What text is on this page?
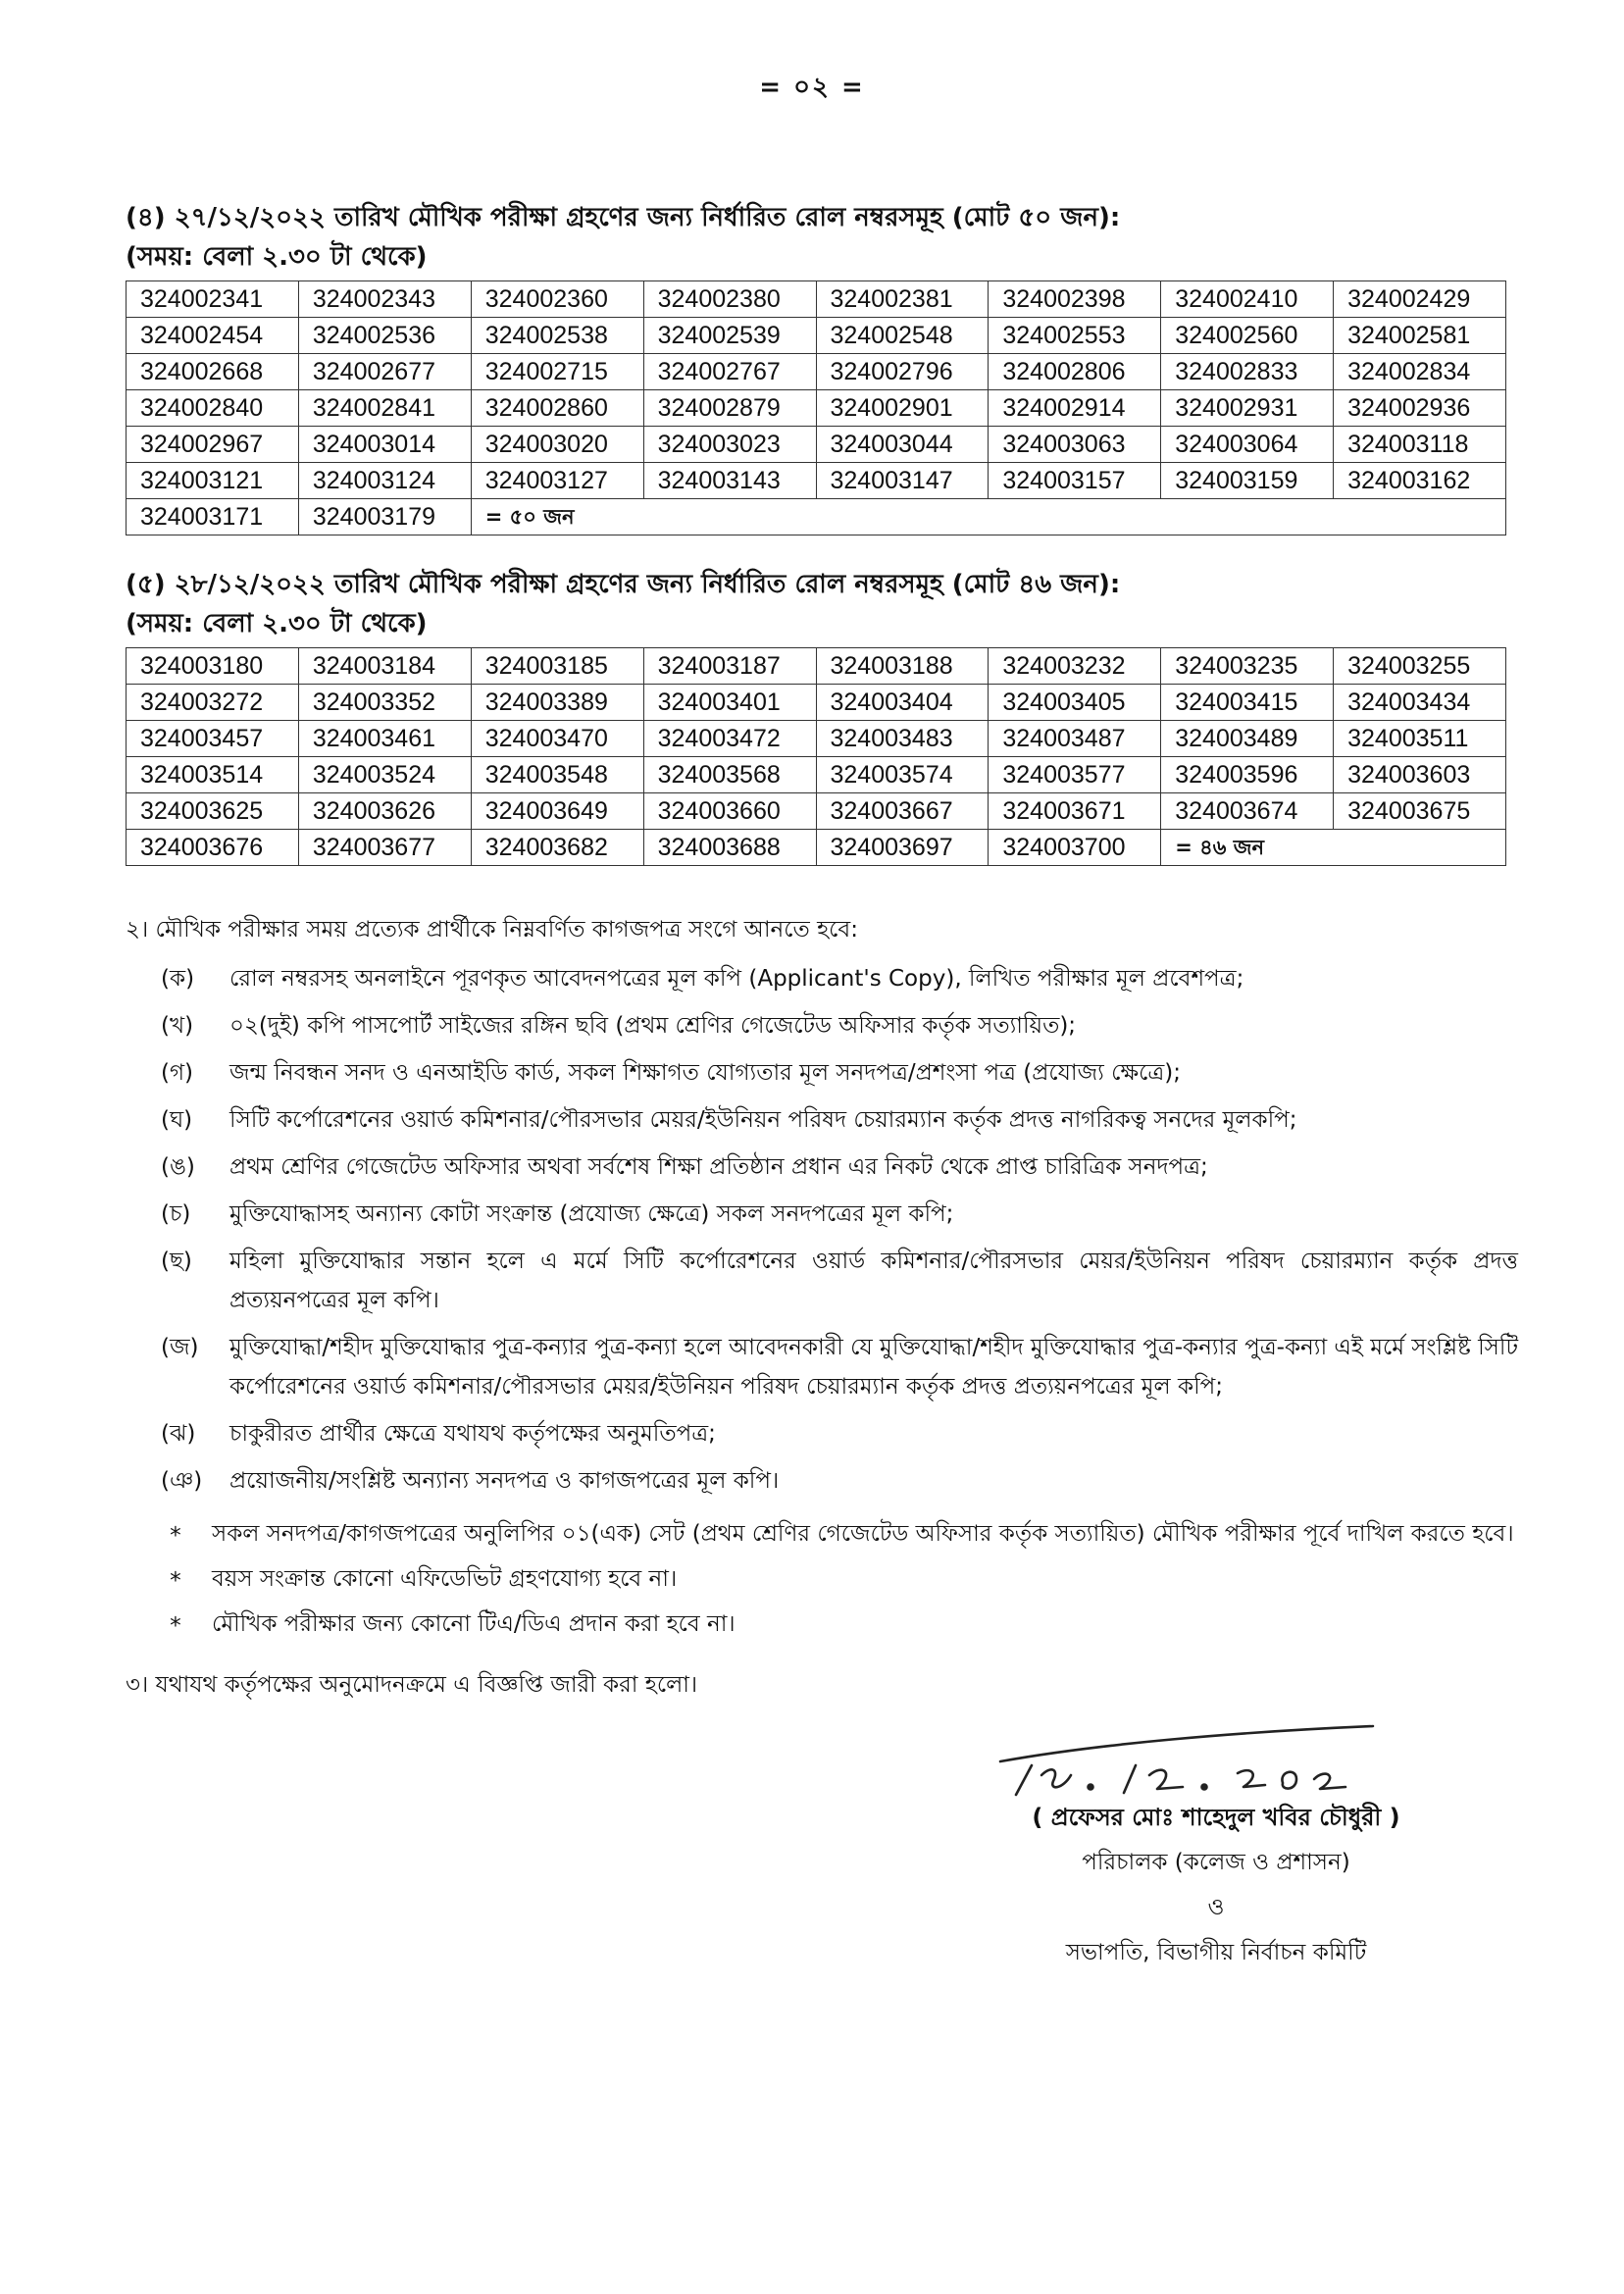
= ০২ =
(৪) ২৭/১২/২০২২ তারিখ মৌখিক পরীক্ষা গ্রহণের জন্য নির্ধারিত রোল নম্বরসমূহ (মোট ৫০ জন):
(সময়: বেলা ২.৩০ টা থেকে)
324002341	324002343	324002360	324002380	324002381	324002398	324002410	324002429
324002454	324002536	324002538	324002539	324002548	324002553	324002560	324002581
324002668	324002677	324002715	324002767	324002796	324002806	324002833	324002834
324002840	324002841	324002860	324002879	324002901	324002914	324002931	324002936
324002967	324003014	324003020	324003023	324003044	324003063	324003064	324003118
324003121	324003124	324003127	324003143	324003147	324003157	324003159	324003162
324003171	324003179	= ৫০ জন					
(৫) ২৮/১২/২০২২ তারিখ মৌখিক পরীক্ষা গ্রহণের জন্য নির্ধারিত রোল নম্বরসমূহ (মোট ৪৬ জন):
(সময়: বেলা ২.৩০ টা থেকে)
324003180	324003184	324003185	324003187	324003188	324003232	324003235	324003255
324003272	324003352	324003389	324003401	324003404	324003405	324003415	324003434
324003457	324003461	324003470	324003472	324003483	324003487	324003489	324003511
324003514	324003524	324003548	324003568	324003574	324003577	324003596	324003603
324003625	324003626	324003649	324003660	324003667	324003671	324003674	324003675
324003676	324003677	324003682	324003688	324003697	324003700	= ৪৬ জন	
২। মৌখিক পরীক্ষার সময় প্রত্যেক প্রার্থীকে নিম্নবর্ণিত কাগজপত্র সংগে আনতে হবে:
(ক) রোল নম্বরসহ অনলাইনে পূরণকৃত আবেদনপত্রের মূল কপি (Applicant's Copy), লিখিত পরীক্ষার মূল প্রবেশপত্র;
(খ) ০২(দুই) কপি পাসপোর্ট সাইজের রঙ্গিন ছবি (প্রথম শ্রেণির গেজেটেড অফিসার কর্তৃক সত্যায়িত);
(গ) জন্ম নিবন্ধন সনদ ও এনআইডি কার্ড, সকল শিক্ষাগত যোগ্যতার মূল সনদপত্র/প্রশংসা পত্র (প্রযোজ্য ক্ষেত্রে);
(ঘ) সিটি কর্পোরেশনের ওয়ার্ড কমিশনার/পৌরসভার মেয়র/ইউনিয়ন পরিষদ চেয়ারম্যান কর্তৃক প্রদত্ত নাগরিকত্ব সনদের মূলকপি;
(ঙ) প্রথম শ্রেণির গেজেটেড অফিসার অথবা সর্বশেষ শিক্ষা প্রতিষ্ঠান প্রধান এর নিকট থেকে প্রাপ্ত চারিত্রিক সনদপত্র;
(চ) মুক্তিযোদ্ধাসহ অন্যান্য কোটা সংক্রান্ত (প্রযোজ্য ক্ষেত্রে) সকল সনদপত্রের মূল কপি;
(ছ) মহিলা মুক্তিযোদ্ধার সন্তান হলে এ মর্মে সিটি কর্পোরেশনের ওয়ার্ড কমিশনার/পৌরসভার মেয়র/ইউনিয়ন পরিষদ চেয়ারম্যান কর্তৃক প্রদত্ত প্রত্যয়নপত্রের মূল কপি।
(জ) মুক্তিযোদ্ধা/শহীদ মুক্তিযোদ্ধার পুত্র-কন্যার পুত্র-কন্যা হলে আবেদনকারী যে মুক্তিযোদ্ধা/শহীদ মুক্তিযোদ্ধার পুত্র-কন্যার পুত্র-কন্যা এই মর্মে সংশ্লিষ্ট সিটি কর্পোরেশনের ওয়ার্ড কমিশনার/পৌরসভার মেয়র/ইউনিয়ন পরিষদ চেয়ারম্যান কর্তৃক প্রদত্ত প্রত্যয়নপত্রের মূল কপি;
(ঝ) চাকুরীরত প্রার্থীর ক্ষেত্রে যথাযথ কর্তৃপক্ষের অনুমতিপত্র;
(ঞ) প্রয়োজনীয়/সংশ্লিষ্ট অন্যান্য সনদপত্র ও কাগজপত্রের মূল কপি।
* সকল সনদপত্র/কাগজপত্রের অনুলিপির ০১(এক) সেট (প্রথম শ্রেণির গেজেটেড অফিসার কর্তৃক সত্যায়িত) মৌখিক পরীক্ষার পূর্বে দাখিল করতে হবে।
* বয়স সংক্রান্ত কোনো এফিডেভিট গ্রহণযোগ্য হবে না।
* মৌখিক পরীক্ষার জন্য কোনো টিএ/ডিএ প্রদান করা হবে না।
৩। যথাযথ কর্তৃপক্ষের অনুমোদনক্রমে এ বিজ্ঞপ্তি জারী করা হলো।
( প্রফেসর মোঃ শাহেদুল খবির চৌধুরী )
পরিচালক (কলেজ ও প্রশাসন)
ও
সভাপতি, বিভাগীয় নির্বাচন কমিটি
